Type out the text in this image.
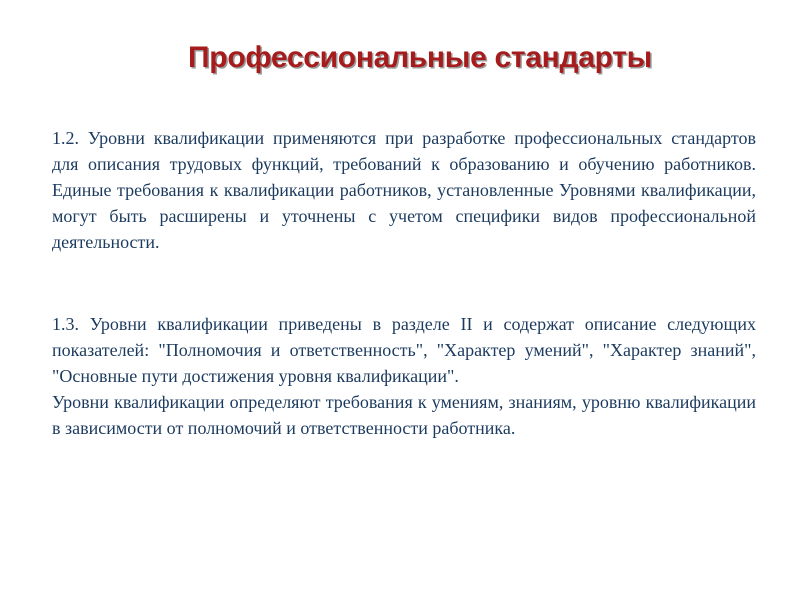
Профессиональные стандарты

1.2. Уровни квалификации применяются при разработке профессиональных стандартов для описания трудовых функций, требований к образованию и обучению работников. Единые требования к квалификации работников, установленные Уровнями квалификации, могут быть расширены и уточнены с учетом специфики видов профессиональной деятельности.

1.3. Уровни квалификации приведены в разделе II и содержат описание следующих показателей: "Полномочия и ответственность", "Характер умений", "Характер знаний", "Основные пути достижения уровня квалификации".

Уровни квалификации определяют требования к умениям, знаниям, уровню квалификации в зависимости от полномочий и ответственности работника.
